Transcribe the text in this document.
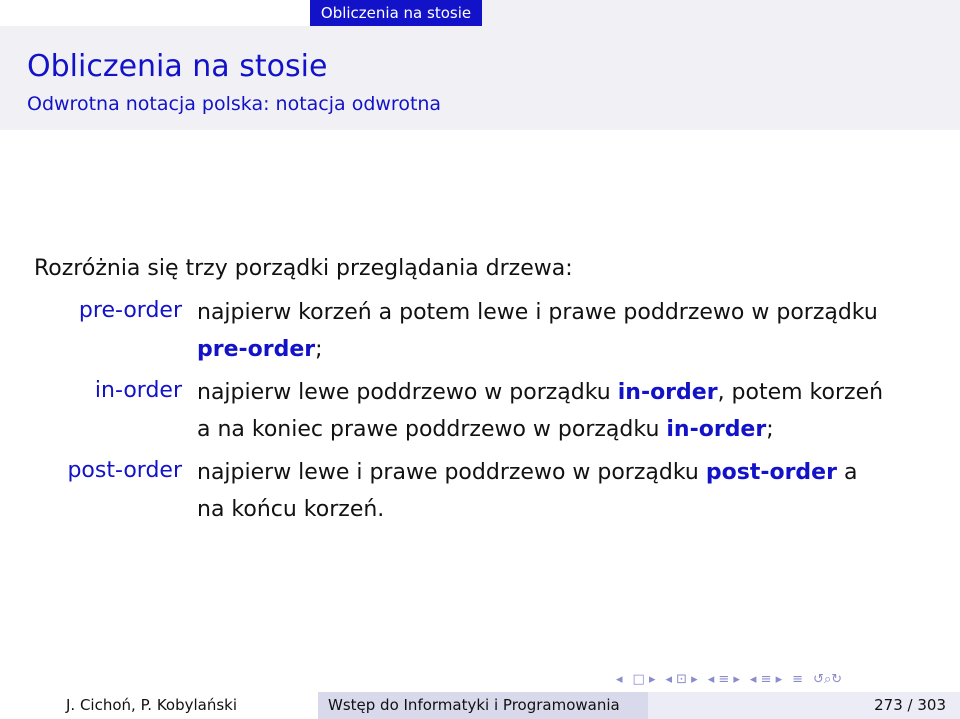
Obliczenia na stosie
Obliczenia na stosie
Odwrotna notacja polska: notacja odwrotna
Rozróżnia się trzy porządki przeglądania drzewa:
pre-order najpierw korzeń a potem lewe i prawe poddrzewo w porządku
pre-order;
in-order najpierw lewe poddrzewo w porządku in-order, potem korzeń
a na koniec prawe poddrzewo w porządku in-order;
post-order najpierw lewe i prawe poddrzewo w porządku post-order a
na końcu korzeń.
◂ □ ▸ ◂ ⊡ ▸ ◂ ≡ ▸ ◂ ≡ ▸ ≡ ↺⌕↻
J. Cichoń, P. Kobylański	Wstęp do Informatyki i Programowania	273 / 303
